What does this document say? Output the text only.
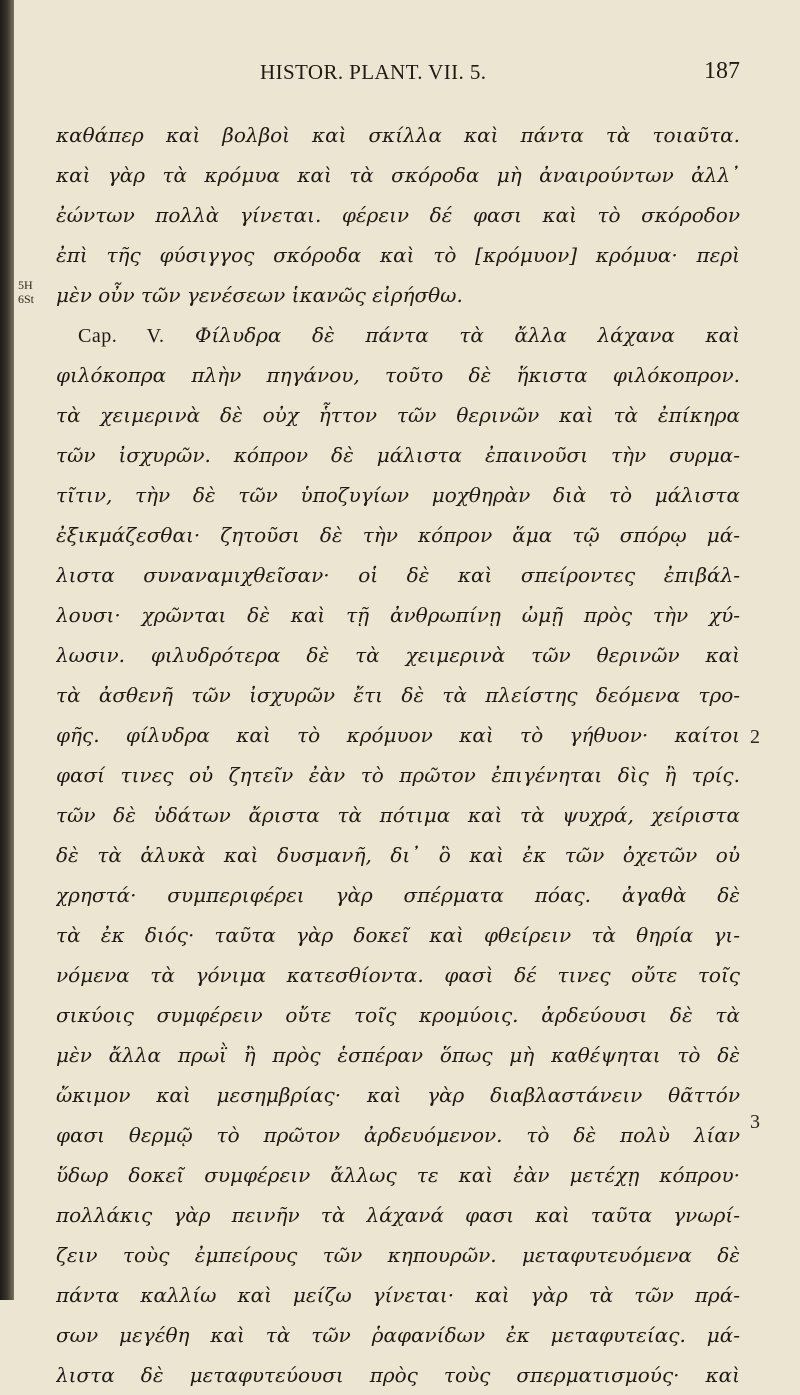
HISTOR. PLANT. VII. 5.	187
5H
6St
2
3
καθάπερ καὶ βολβοὶ καὶ σκίλλα καὶ πάντα τὰ τοιαῦτα.
καὶ γὰρ τὰ κρόμυα καὶ τὰ σκόροδα μὴ ἀναιρούντων ἀλλ᾽
ἐώντων πολλὰ γίνεται. φέρειν δέ φασι καὶ τὸ σκόροδον
ἐπὶ τῆς φύσιγγος σκόροδα καὶ τὸ [κρόμυον] κρόμυα· περὶ
μὲν οὖν τῶν γενέσεων ἱκανῶς εἰρήσθω.
Cap. V. Φίλυδρα δὲ πάντα τὰ ἄλλα λάχανα καὶ
φιλόκοπρα πλὴν πηγάνου, τοῦτο δὲ ἥκιστα φιλόκοπρον.
τὰ χειμερινὰ δὲ οὐχ ἧττον τῶν θερινῶν καὶ τὰ ἐπίκηρα
τῶν ἰσχυρῶν. κόπρον δὲ μάλιστα ἐπαινοῦσι τὴν συρμα-
τῖτιν, τὴν δὲ τῶν ὑποζυγίων μοχθηρὰν διὰ τὸ μάλιστα
ἐξικμάζεσθαι· ζητοῦσι δὲ τὴν κόπρον ἅμα τῷ σπόρῳ μά-
λιστα συναναμιχθεῖσαν· οἱ δὲ καὶ σπείροντες ἐπιβάλ-
λουσι· χρῶνται δὲ καὶ τῇ ἀνθρωπίνῃ ὠμῇ πρὸς τὴν χύ-
λωσιν. φιλυδρότερα δὲ τὰ χειμερινὰ τῶν θερινῶν καὶ
τὰ ἀσθενῆ τῶν ἰσχυρῶν ἔτι δὲ τὰ πλείστης δεόμενα τρο-
φῆς. φίλυδρα καὶ τὸ κρόμυον καὶ τὸ γήθυον· καίτοι
φασί τινες οὐ ζητεῖν ἐὰν τὸ πρῶτον ἐπιγένηται δὶς ἢ τρίς.
τῶν δὲ ὑδάτων ἄριστα τὰ πότιμα καὶ τὰ ψυχρά, χείριστα
δὲ τὰ ἁλυκὰ καὶ δυσμανῆ, δι᾽ ὃ καὶ ἐκ τῶν ὀχετῶν οὐ
χρηστά· συμπεριφέρει γὰρ σπέρματα πόας. ἀγαθὰ δὲ
τὰ ἐκ διός· ταῦτα γὰρ δοκεῖ καὶ φθείρειν τὰ θηρία γι-
νόμενα τὰ γόνιμα κατεσθίοντα. φασὶ δέ τινες οὔτε τοῖς
σικύοις συμφέρειν οὔτε τοῖς κρομύοις. ἀρδεύουσι δὲ τὰ
μὲν ἄλλα πρωῒ ἢ πρὸς ἑσπέραν ὅπως μὴ καθέψηται τὸ δὲ
ὤκιμον καὶ μεσημβρίας· καὶ γὰρ διαβλαστάνειν θᾶττόν
φασι θερμῷ τὸ πρῶτον ἀρδευόμενον. τὸ δὲ πολὺ λίαν
ὕδωρ δοκεῖ συμφέρειν ἄλλως τε καὶ ἐὰν μετέχῃ κόπρου·
πολλάκις γὰρ πεινῆν τὰ λάχανά φασι καὶ ταῦτα γνωρί-
ζειν τοὺς ἐμπείρους τῶν κηπουρῶν. μεταφυτευόμενα δὲ
πάντα καλλίω καὶ μείζω γίνεται· καὶ γὰρ τὰ τῶν πρά-
σων μεγέθη καὶ τὰ τῶν ῥαφανίδων ἐκ μεταφυτείας. μά-
λιστα δὲ μεταφυτεύουσι πρὸς τοὺς σπερματισμούς· καὶ
